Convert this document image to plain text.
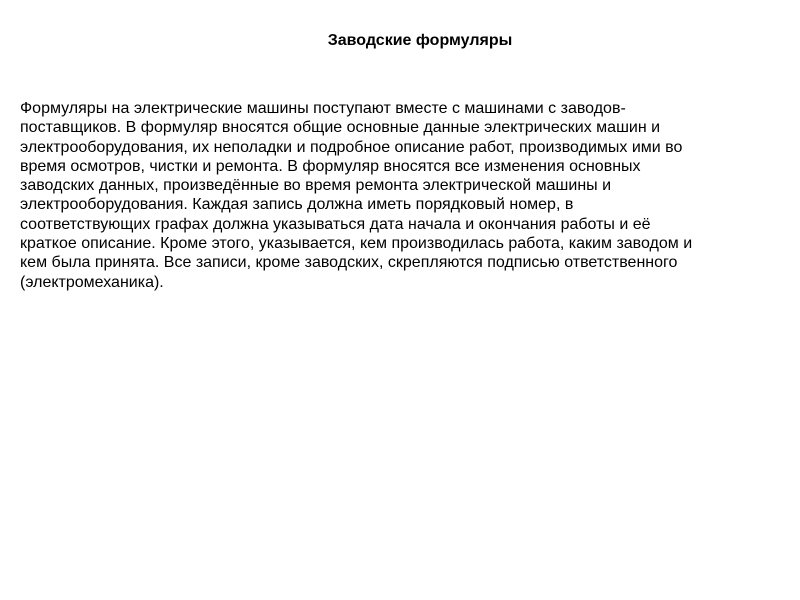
Заводские формуляры
Формуляры на электрические машины поступают вместе с машинами с заводов-
поставщиков. В формуляр вносятся общие основные данные электрических машин и
электрооборудования, их неполадки и подробное описание работ, производимых ими во
время осмотров, чистки и ремонта. В формуляр вносятся все изменения основных
заводских данных, произведённые во время ремонта электрической машины и
электрооборудования. Каждая запись должна иметь порядковый номер, в
соответствующих графах должна указываться дата начала и окончания работы и её
краткое описание. Кроме этого, указывается, кем производилась работа, каким заводом и
кем была принята. Все записи, кроме заводских, скрепляются подписью ответственного
(электромеханика).
